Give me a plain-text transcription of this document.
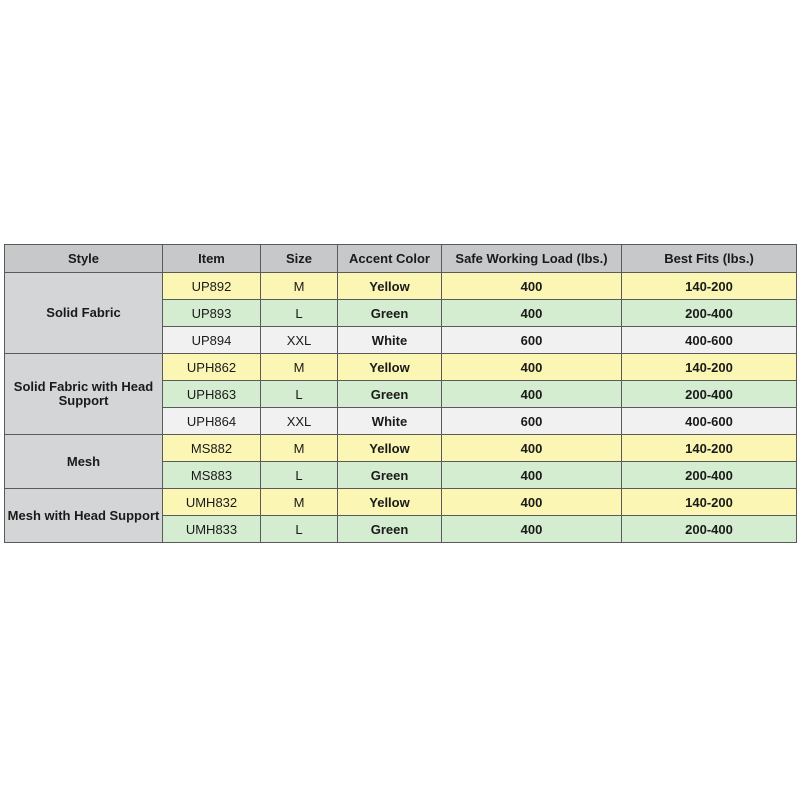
Style	Item	Size	Accent Color	Safe Working Load (lbs.)	Best Fits (lbs.)
Solid Fabric	UP892	M	Yellow	400	140-200
	UP893	L	Green	400	200-400
	UP894	XXL	White	600	400-600
Solid Fabric with Head Support	UPH862	M	Yellow	400	140-200
	UPH863	L	Green	400	200-400
	UPH864	XXL	White	600	400-600
Mesh	MS882	M	Yellow	400	140-200
	MS883	L	Green	400	200-400
Mesh with Head Support	UMH832	M	Yellow	400	140-200
	UMH833	L	Green	400	200-400
